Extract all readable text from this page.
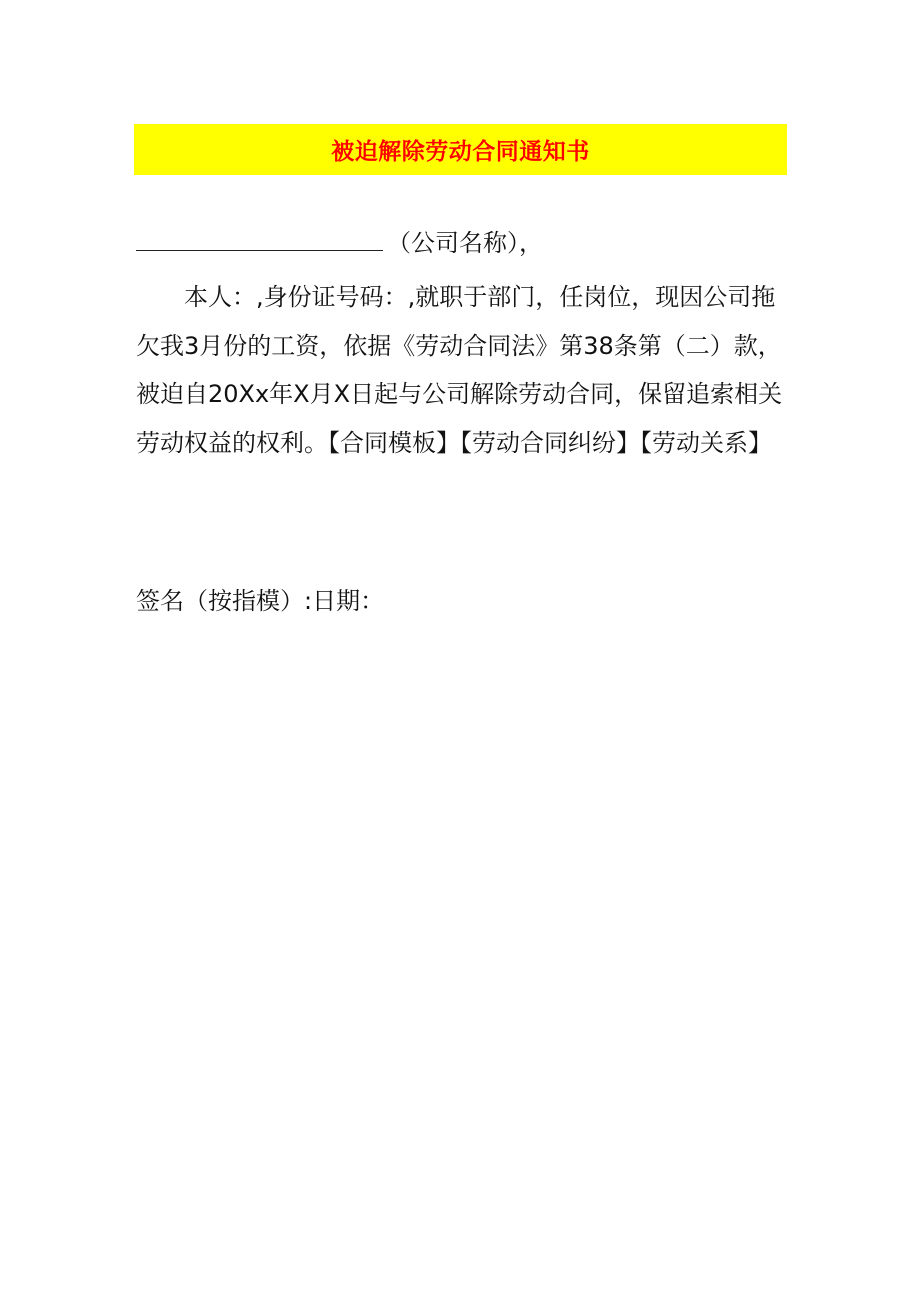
被迫解除劳动合同通知书
（公司名称），

本人：,身份证号码：,就职于部门，任岗位，现因公司拖欠我3月份的工资，依据《劳动合同法》第38条第（二）款，被迫自20Xx年X月X日起与公司解除劳动合同，保留追索相关劳动权益的权利。【合同模板】【劳动合同纠纷】【劳动关系】

签名（按指模）:日期：
